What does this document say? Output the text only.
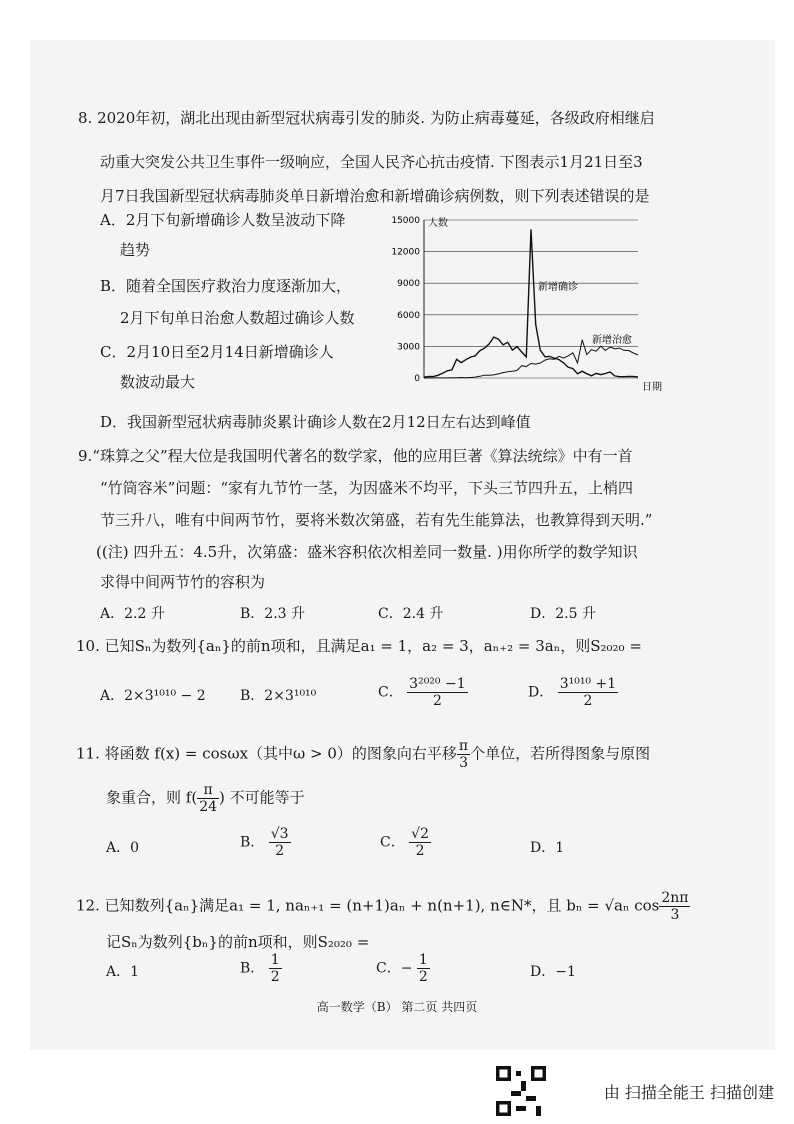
8. 2020年初，湖北出现由新型冠状病毒引发的肺炎. 为防止病毒蔓延，各级政府相继启
动重大突发公共卫生事件一级响应，全国人民齐心抗击疫情. 下图表示1月21日至3
月7日我国新型冠状病毒肺炎单日新增治愈和新增确诊病例数，则下列表述错误的是
A．2月下旬新增确诊人数呈波动下降
趋势
B．随着全国医疗救治力度逐渐加大，
2月下旬单日治愈人数超过确诊人数
C．2月10日至2月14日新增确诊人
数波动最大
D．我国新型冠状病毒肺炎累计确诊人数在2月12日左右达到峰值
人数
日期
15000
12000
9000
6000
3000
0
新增确诊
新增治愈
9.“珠算之父”程大位是我国明代著名的数学家，他的应用巨著《算法统综》中有一首
“竹筒容米”问题：“家有九节竹一茎，为因盛米不均平，下头三节四升五，上梢四
节三升八，唯有中间两节竹，要将米数次第盛，若有先生能算法，也教算得到天明.”
((注) 四升五：4.5升，次第盛：盛米容积依次相差同一数量. )用你所学的数学知识
求得中间两节竹的容积为
A．2.2 升	B．2.3 升	C．2.4 升	D．2.5 升
10. 已知Sₙ为数列{aₙ}的前n项和，且满足a₁ = 1，a₂ = 3，aₙ₊₂ = 3aₙ，则S₂₀₂₀ =
A．2×3¹⁰¹⁰ − 2 B．2×3¹⁰¹⁰	C． $\frac{\text{3²⁰²⁰ −1}}{2}$	D． $\frac{\text{3¹⁰¹⁰ +1}}{2}$
11. 将函数 f(x) = cosωx（其中ω > 0）的图象向右平移 $\frac{\pi}{3}$ 个单位，若所得图象与原图
象重合，则 $f( \frac{\pi}{24}$ ) 不可能等于
A．0	B． $\frac{√3}{2}$	C． $\frac{√2}{2}$	D．1
12. 已知数列{aₙ}满足a₁ = 1, naₙ₊₁ = (n+1)aₙ + n(n+1), n∈N*，且 bₙ = √aₙ $\cos \frac{2n\pi}{3}$
记Sₙ为数列{bₙ}的前n项和，则S₂₀₂₀ =
A．1	B． $\frac{1}{2}$	C．− $\frac{1}{2}$	D．−1
高一数学（B） 第二页 共四页
由 扫描全能王 扫描创建
